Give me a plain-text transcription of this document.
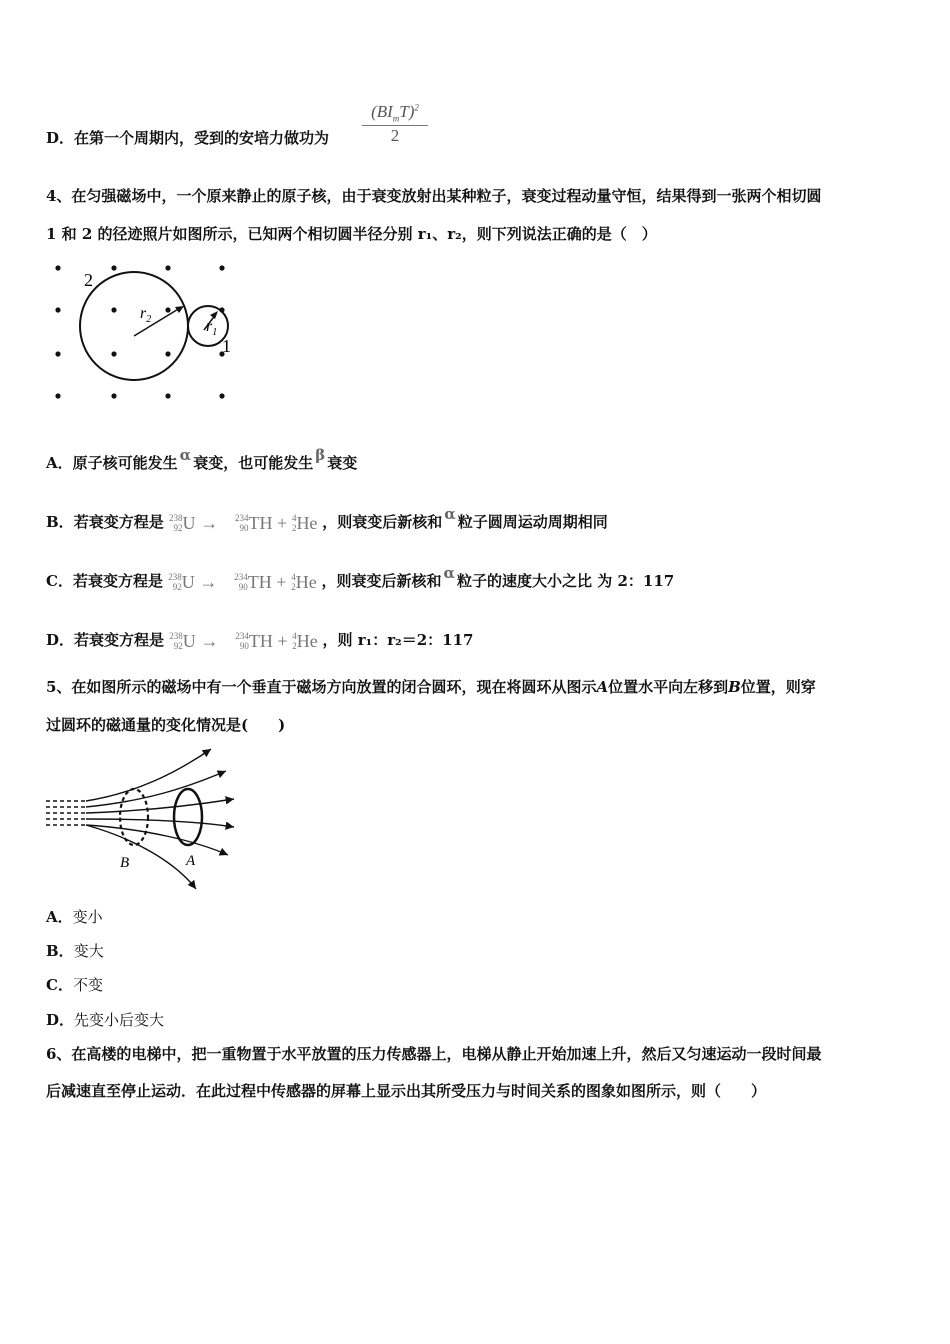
D．在第一个周期内，受到的安培力做功为
$(BI_mT)^2$
2
4、在匀强磁场中，一个原来静止的原子核，由于衰变放射出某种粒子，衰变过程动量守恒，结果得到一张两个相切圆
1 和 2 的径迹照片如图所示，已知两个相切圆半径分别 r₁、r₂，则下列说法正确的是（　）
2
1
$r_2$	$r_1$
A．原子核可能发生 α 衰变，也可能发生 β 衰变
B．若衰变方程是 238
92 U → 234
90 TH + 4
2 He ，则衰变后新核和 α 粒子圆周运动周期相同
C．若衰变方程是 238
92 U → 234
90 TH + 4
2 He ，则衰变后新核和 α 粒子的速度大小之比 为 2：117
D．若衰变方程是 238
92 U → 234
90 TH + 4
2 He ，则 r₁：r₂＝2：117
5、在如图所示的磁场中有一个垂直于磁场方向放置的闭合圆环，现在将圆环从图示A位置水平向左移到B位置，则穿
过圆环的磁通量的变化情况是(　　)
B	A
A．变小
B．变大
C．不变
D．先变小后变大
6、在高楼的电梯中，把一重物置于水平放置的压力传感器上，电梯从静止开始加速上升，然后又匀速运动一段时间最
后减速直至停止运动．在此过程中传感器的屏幕上显示出其所受压力与时间关系的图象如图所示，则（　　）
